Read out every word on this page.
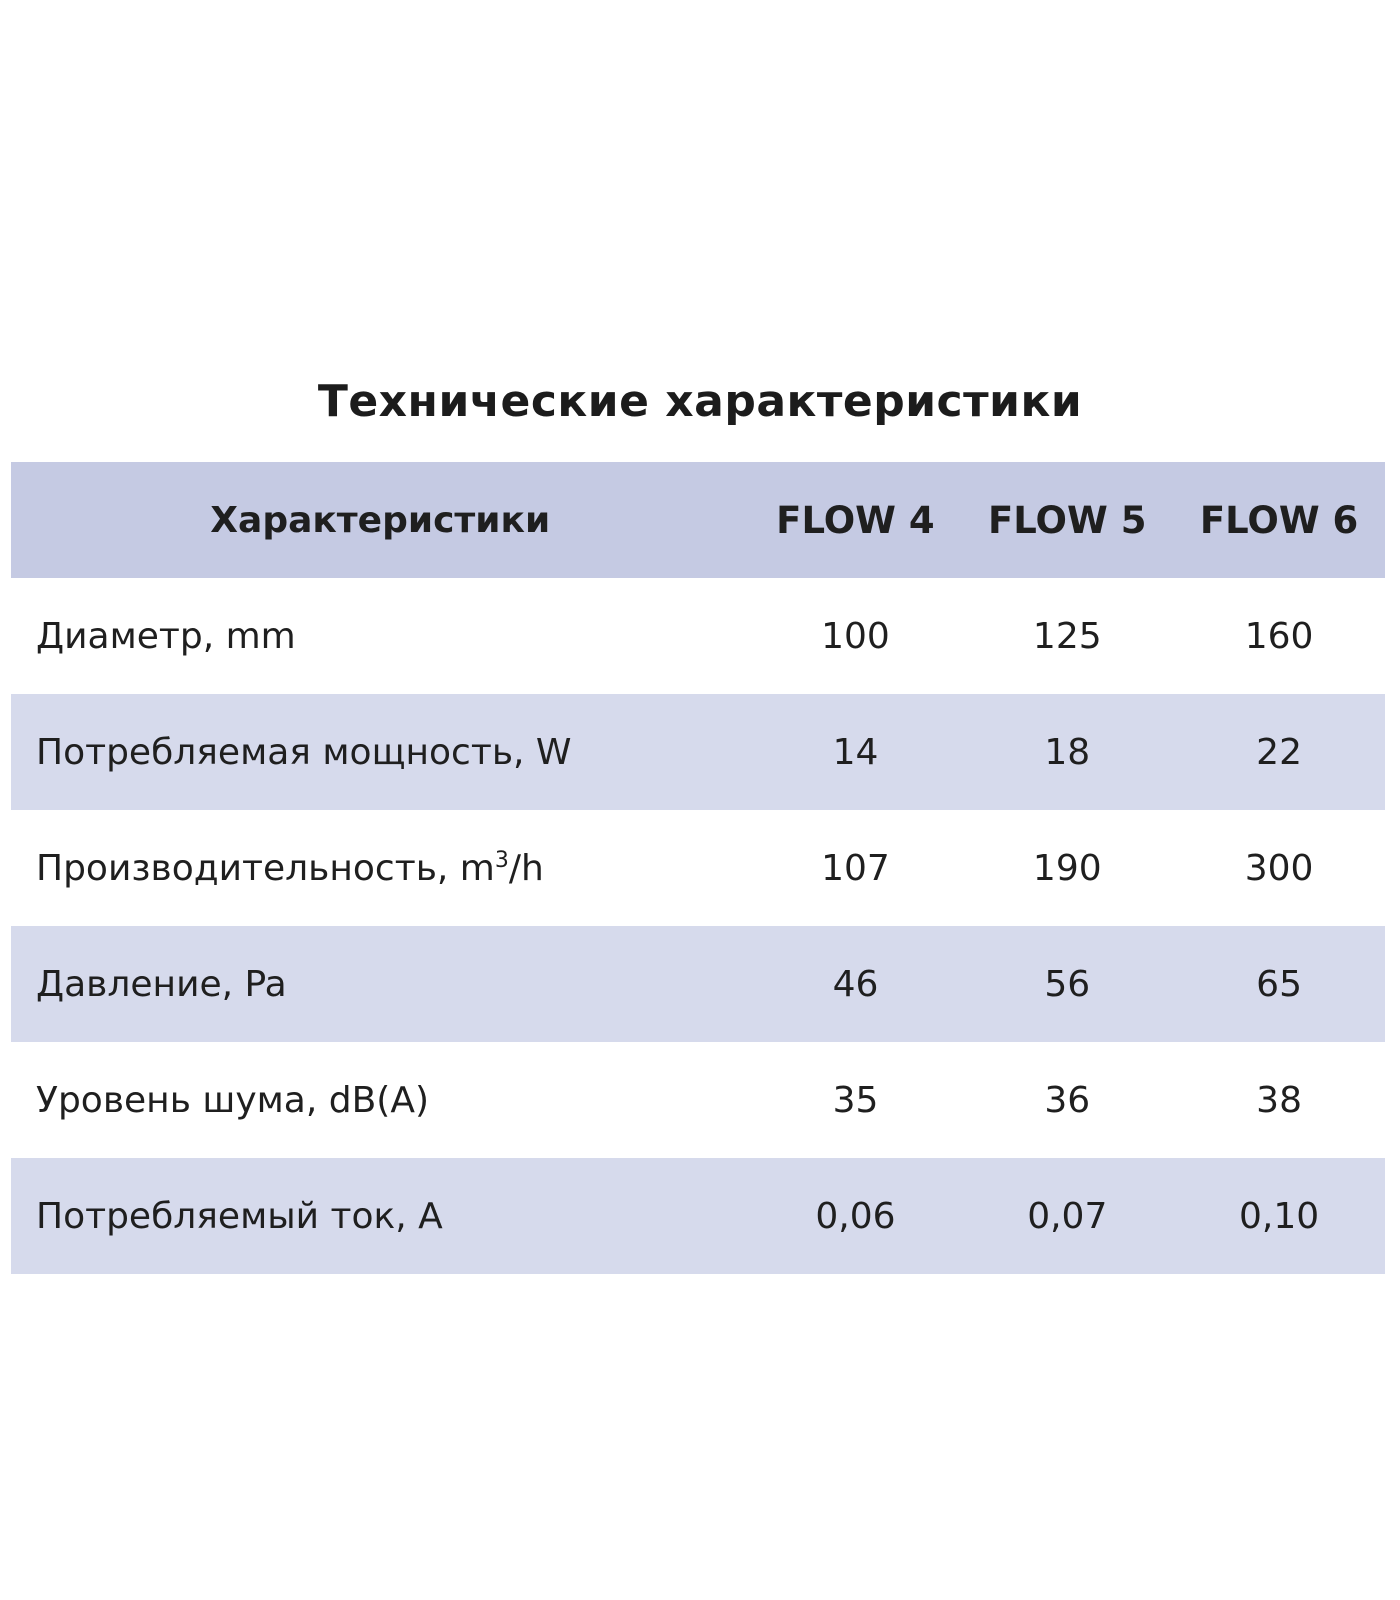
Технические характеристики
Характеристики	FLOW 4	FLOW 5	FLOW 6
Диаметр, mm	100	125	160
Потребляемая мощность, W	14	18	22
Производительность, $m^3/h$	107	190	300
Давление, Pa	46	56	65
Уровень шума, dB(A)	35	36	38
Потребляемый ток, A	0,06	0,07	0,10
